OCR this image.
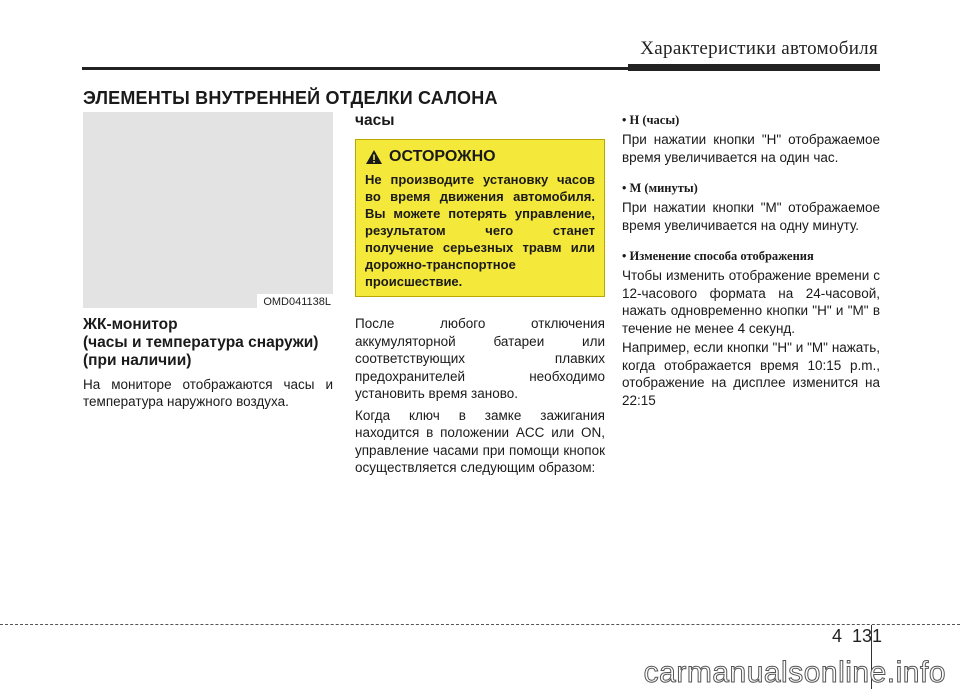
Характеристики автомобиля
ЭЛЕМЕНТЫ ВНУТРЕННЕЙ ОТДЕЛКИ САЛОНА
OMD041138L
ЖК-монитор
(часы и температура снаружи)
(при наличии)
На мониторе отображаются часы и температура наружного воздуха.
часы
ОСТОРОЖНО
Не производите установку часов во время движения автомобиля. Вы можете потерять управление, результатом чего станет получение серьезных травм или дорожно-транспортное происшествие.
После любого отключения аккумуляторной батареи или соответствующих плавких предохранителей необходимо установить время заново.
Когда ключ в замке зажигания находится в положении ACC или ON, управление часами при помощи кнопок осуществляется следующим образом:
• H (часы)
При нажатии кнопки "H" отображаемое время увеличивается на один час.
• M (минуты)
При нажатии кнопки "M" отображаемое время увеличивается на одну минуту.
• Изменение способа отображения
Чтобы изменить отображение времени с 12-часового формата на 24-часовой, нажать одновременно кнопки "H" и "M" в течение не менее 4 секунд.
Например, если кнопки "H" и "M" нажать, когда отображается время 10:15 p.m., отображение на дисплее изменится на 22:15
4 131
carmanualsonline.info
